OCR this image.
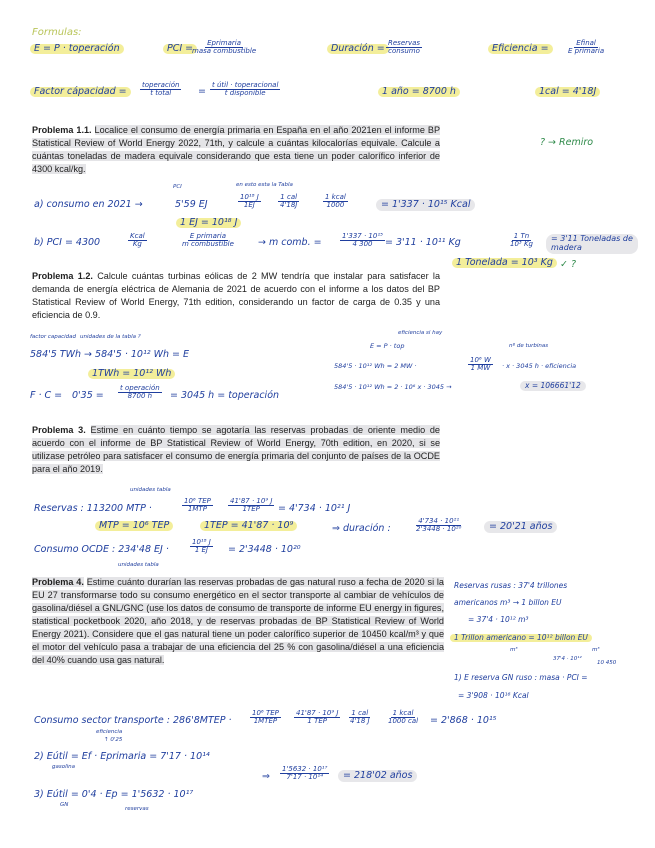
Formulas:
E = P · toperación	PCI =	Eprimaria
masa combustible	Duración = Reservas
consumo	Eficiencia =	Efinal
E primaria
Factor cápacidad =
toperación
t total	=
t útil · toperacional
t disponible	1 año = 8700 h	1cal = 4'18J
Problema 1.1. Localice el consumo de energía primaria en España en el año 2021en el informe BP Statistical Review of World Energy 2022, 71th, y calcule a cuántas kilocalorías equivale. Calcule a cuántas toneladas de madera equivale considerando que esta tiene un poder calorífico inferior de 4300 kcal/kg.
? → Remiro
PCI	en esto esta la Tabla
a) consumo en 2021 →	5'59 EJ	$\frac{\text{10¹⁸ J}}{1EJ}$	1 cal
4'18J
1 kcal
1000	= 1'337 · 10¹⁵ Kcal
1 EJ = 10¹⁸ J
b) PCI = 4300
Kcal
Kg
E primaria
m combustible	→ m comb. =	$\frac{\text{1'337 · 10¹⁵}}{4 300} = 3'11 \cdot 10^{11}$ Kg	$\frac{1 Tn}{\text{10³ Kg}}$	= 3'11 Toneladas de madera
1 Tonelada = 10³ Kg ✓ ?
Problema 1.2. Calcule cuántas turbinas eólicas de 2 MW tendría que instalar para satisfacer la demanda de energía eléctrica de Alemania de 2021 de acuerdo con el informe a los datos del BP Statistical Review of World Energy, 71th edition, considerando un factor de carga de 0.35 y una eficiencia de 0.9.
factor capacidad unidades de la tabla ?
584'5 TWh → 584'5 · 10¹² Wh = E
1TWh = 10¹² Wh
F · C = 0'35 =
t operación
8700 h = 3045 h = toperación
eficiencia si hay
E = P · top	nº de turbinas
584'5 · 10¹² Wh = 2 MW ·	$\frac{\text{10⁶ W}}{1 MW} \cdot x \cdot 3045$ h · eficiencia
584'5 · 10¹² Wh = 2 · 10⁶ x · 3045 →	x = 106661'12
Problema 3. Estime en cuánto tiempo se agotaría las reservas probadas de oriente medio de acuerdo con el informe de BP Statistical Review of World Energy, 70th edition, en 2020, si se utilizase petróleo para satisfacer el consumo de energía primaria del conjunto de países de la OCDE para el año 2019.
unidades tabla
Reservas : 113200 MTP ·
10⁶ TEP
1MTP
41'87 · 10⁹ J
1TEP = 4'734 · 10²¹ J
MTP = 10⁶ TEP	1TEP = 41'87 · 10⁹
Consumo OCDE : 234'48 EJ ·	$\frac{\text{10¹⁸ J}}{1 EJ} = 2'3448 \cdot 10^{20}$
unidades tabla
⇒ duración :	$\frac{\text{4'734 · 10²¹}}{\text{2'3448 · 10²⁰}}$	= 20'21 años
Problema 4. Estime cuánto durarían las reservas probadas de gas natural ruso a fecha de 2020 si la EU 27 transformarse todo su consumo energético en el sector transporte al cambiar de vehículos de gasolina/diésel a GNL/GNC (use los datos de consumo de transporte de informe EU energy in figures, statistical pocketbook 2020, año 2018, y de reservas probadas de BP Statistical Review of World Energy 2021). Considere que el gas natural tiene un poder calorífico superior de 10450 kcal/m³ y que el motor del vehículo pasa a trabajar de una eficiencia del 25 % con gasolina/diésel a una eficiencia del 40% cuando usa gas natural.
Reservas rusas : 37'4 trillones
americanos m³ → 1 billon EU
= 37'4 · 10¹² m³
1 Trillon americano = 10¹² billon EU
m³	m³
37'4 · 10¹²
10 450
1) E reserva GN ruso : masa · PCI =
= 3'908 · 10¹⁶ Kcal
Consumo sector transporte : 286'8MTEP ·
10⁶ TEP
1MTEP
41'87 · 10⁹ J
1 TEP
1 cal
4'18 J
1 kcal
1000 cal = 2'868 · 10¹⁵
eficiencia
↑ 0'25
2) Eútil = Ef · Eprimaria = 7'17 · 10¹⁴
gasolina
3) Eútil = 0'4 · Ep = 1'5632 · 10¹⁷
GN
reservas
⇒ $\frac{\text{1'5632 · 10¹⁷}}{\text{7'17 · 10¹⁴}}$	= 218'02 años
